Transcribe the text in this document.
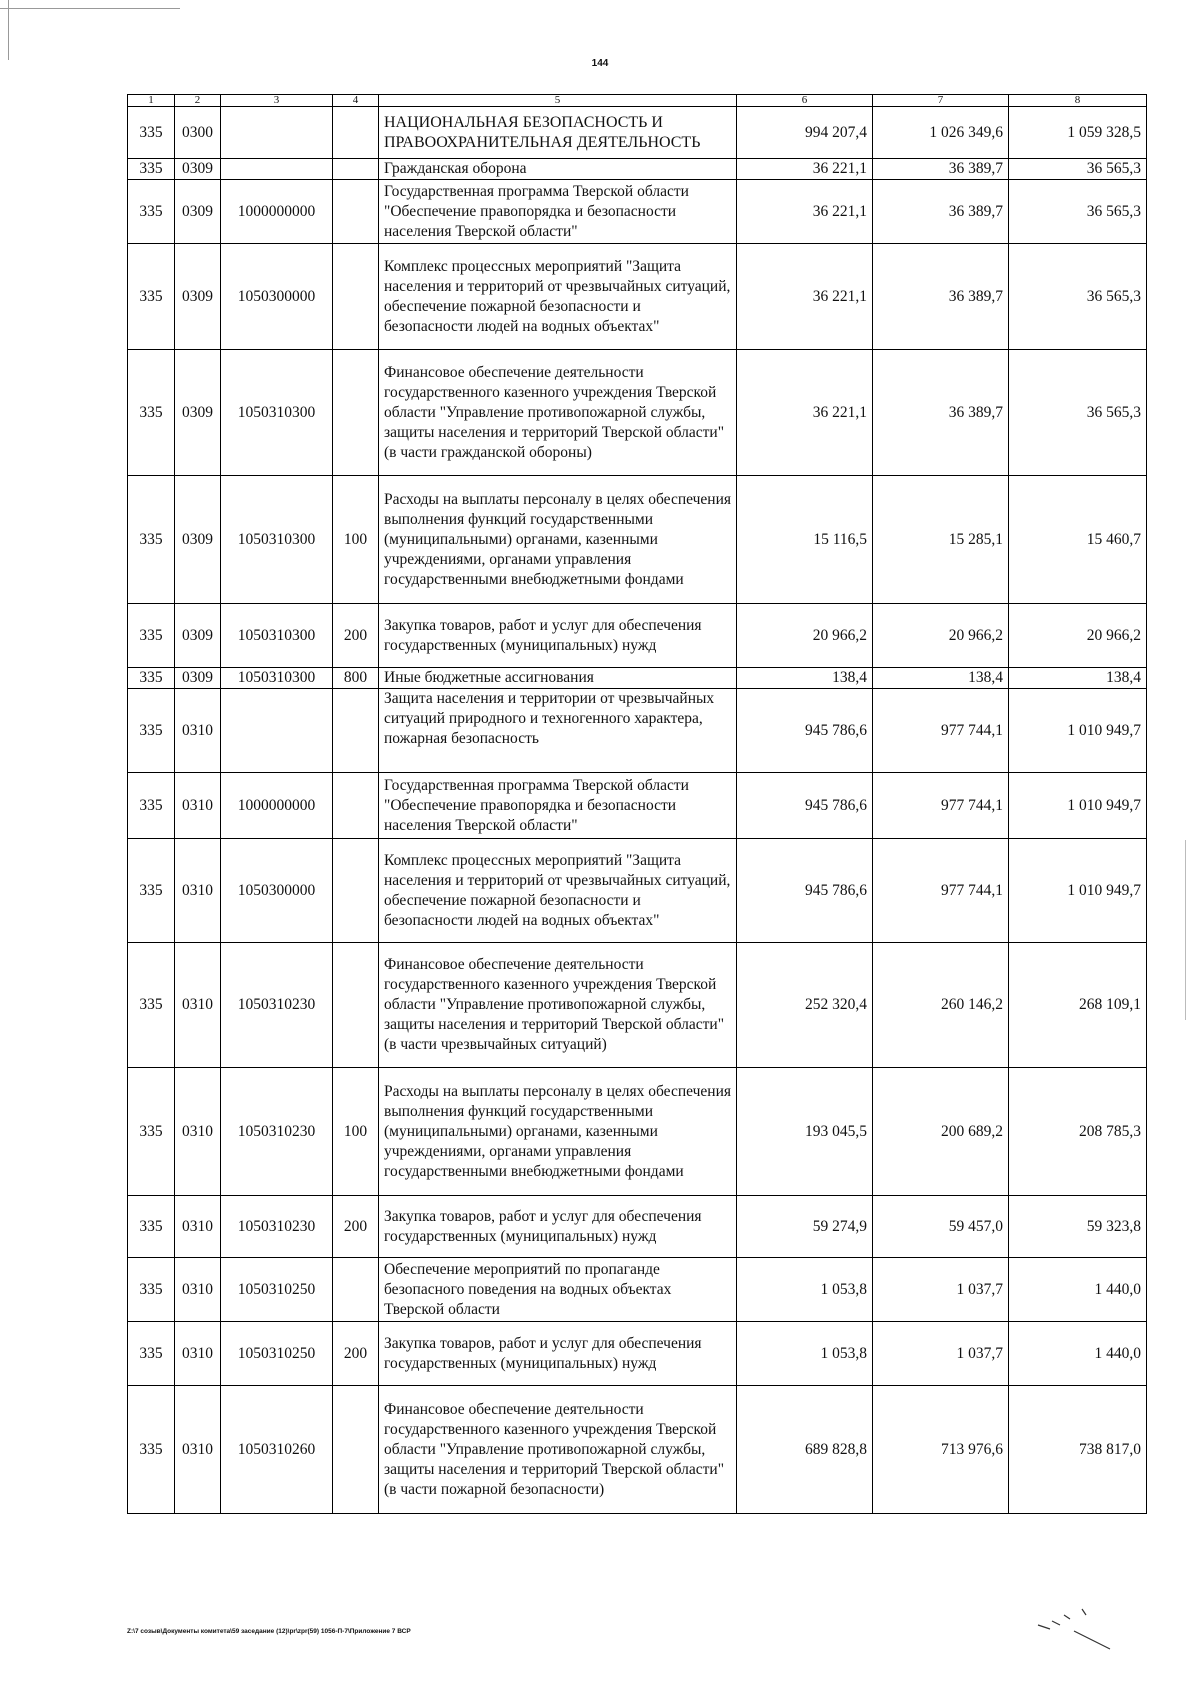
144
1	2	3	4	5	6	7	8
335	0300			НАЦИОНАЛЬНАЯ БЕЗОПАСНОСТЬ И ПРАВООХРАНИТЕЛЬНАЯ ДЕЯТЕЛЬНОСТЬ	994 207,4	1 026 349,6	1 059 328,5
335	0309			Гражданская оборона	36 221,1	36 389,7	36 565,3
335	0309	1000000000		Государственная программа Тверской области "Обеспечение правопорядка и безопасности населения Тверской области"	36 221,1	36 389,7	36 565,3
335	0309	1050300000		Комплекс процессных мероприятий "Защита населения и территорий от чрезвычайных ситуаций, обеспечение пожарной безопасности и безопасности людей на водных объектах"	36 221,1	36 389,7	36 565,3
335	0309	1050310300		Финансовое обеспечение деятельности государственного казенного учреждения Тверской области "Управление противопожарной службы, защиты населения и территорий Тверской области" (в части гражданской обороны)	36 221,1	36 389,7	36 565,3
335	0309	1050310300	100	Расходы на выплаты персоналу в целях обеспечения выполнения функций государственными (муниципальными) органами, казенными учреждениями, органами управления государственными внебюджетными фондами	15 116,5	15 285,1	15 460,7
335	0309	1050310300	200	Закупка товаров, работ и услуг для обеспечения государственных (муниципальных) нужд	20 966,2	20 966,2	20 966,2
335	0309	1050310300	800	Иные бюджетные ассигнования	138,4	138,4	138,4
335	0310			Защита населения и территории от чрезвычайных ситуаций природного и техногенного характера, пожарная безопасность	945 786,6	977 744,1	1 010 949,7
335	0310	1000000000		Государственная программа Тверской области "Обеспечение правопорядка и безопасности населения Тверской области"	945 786,6	977 744,1	1 010 949,7
335	0310	1050300000		Комплекс процессных мероприятий "Защита населения и территорий от чрезвычайных ситуаций, обеспечение пожарной безопасности и безопасности людей на водных объектах"	945 786,6	977 744,1	1 010 949,7
335	0310	1050310230		Финансовое обеспечение деятельности государственного казенного учреждения Тверской области "Управление противопожарной службы, защиты населения и территорий Тверской области" (в части чрезвычайных ситуаций)	252 320,4	260 146,2	268 109,1
335	0310	1050310230	100	Расходы на выплаты персоналу в целях обеспечения выполнения функций государственными (муниципальными) органами, казенными учреждениями, органами управления государственными внебюджетными фондами	193 045,5	200 689,2	208 785,3
335	0310	1050310230	200	Закупка товаров, работ и услуг для обеспечения государственных (муниципальных) нужд	59 274,9	59 457,0	59 323,8
335	0310	1050310250		Обеспечение мероприятий по пропаганде безопасного поведения на водных объектах Тверской области	1 053,8	1 037,7	1 440,0
335	0310	1050310250	200	Закупка товаров, работ и услуг для обеспечения государственных (муниципальных) нужд	1 053,8	1 037,7	1 440,0
335	0310	1050310260		Финансовое обеспечение деятельности государственного казенного учреждения Тверской области "Управление противопожарной службы, защиты населения и территорий Тверской области" (в части пожарной безопасности)	689 828,8	713 976,6	738 817,0
Z:\7 созыв\Документы комитета\59 заседание (12)\pr\zpr(59) 1056-П-7\Приложение 7 ВСР
